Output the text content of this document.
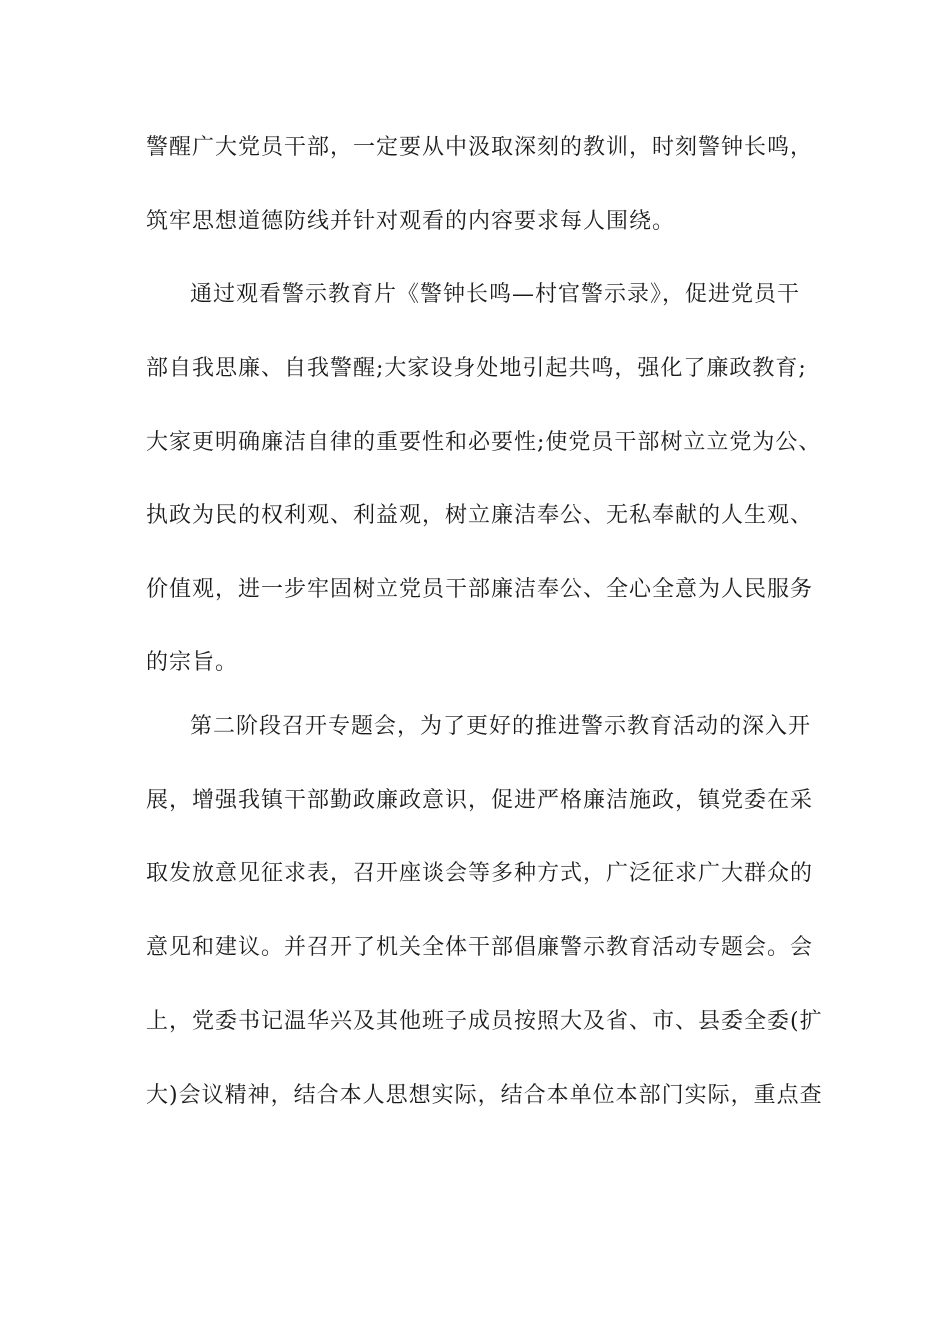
警醒广大党员干部，一定要从中汲取深刻的教训，时刻警钟长鸣，
筑牢思想道德防线并针对观看的内容要求每人围绕。
通过观看警示教育片《警钟长鸣—村官警示录》，促进党员干
部自我思廉、自我警醒;大家设身处地引起共鸣，强化了廉政教育;
大家更明确廉洁自律的重要性和必要性;使党员干部树立立党为公、
执政为民的权利观、利益观，树立廉洁奉公、无私奉献的人生观、
价值观，进一步牢固树立党员干部廉洁奉公、全心全意为人民服务
的宗旨。
第二阶段召开专题会，为了更好的推进警示教育活动的深入开
展，增强我镇干部勤政廉政意识，促进严格廉洁施政，镇党委在采
取发放意见征求表，召开座谈会等多种方式，广泛征求广大群众的
意见和建议。并召开了机关全体干部倡廉警示教育活动专题会。会
上，党委书记温华兴及其他班子成员按照大及省、市、县委全委(扩
大)会议精神，结合本人思想实际，结合本单位本部门实际，重点查
